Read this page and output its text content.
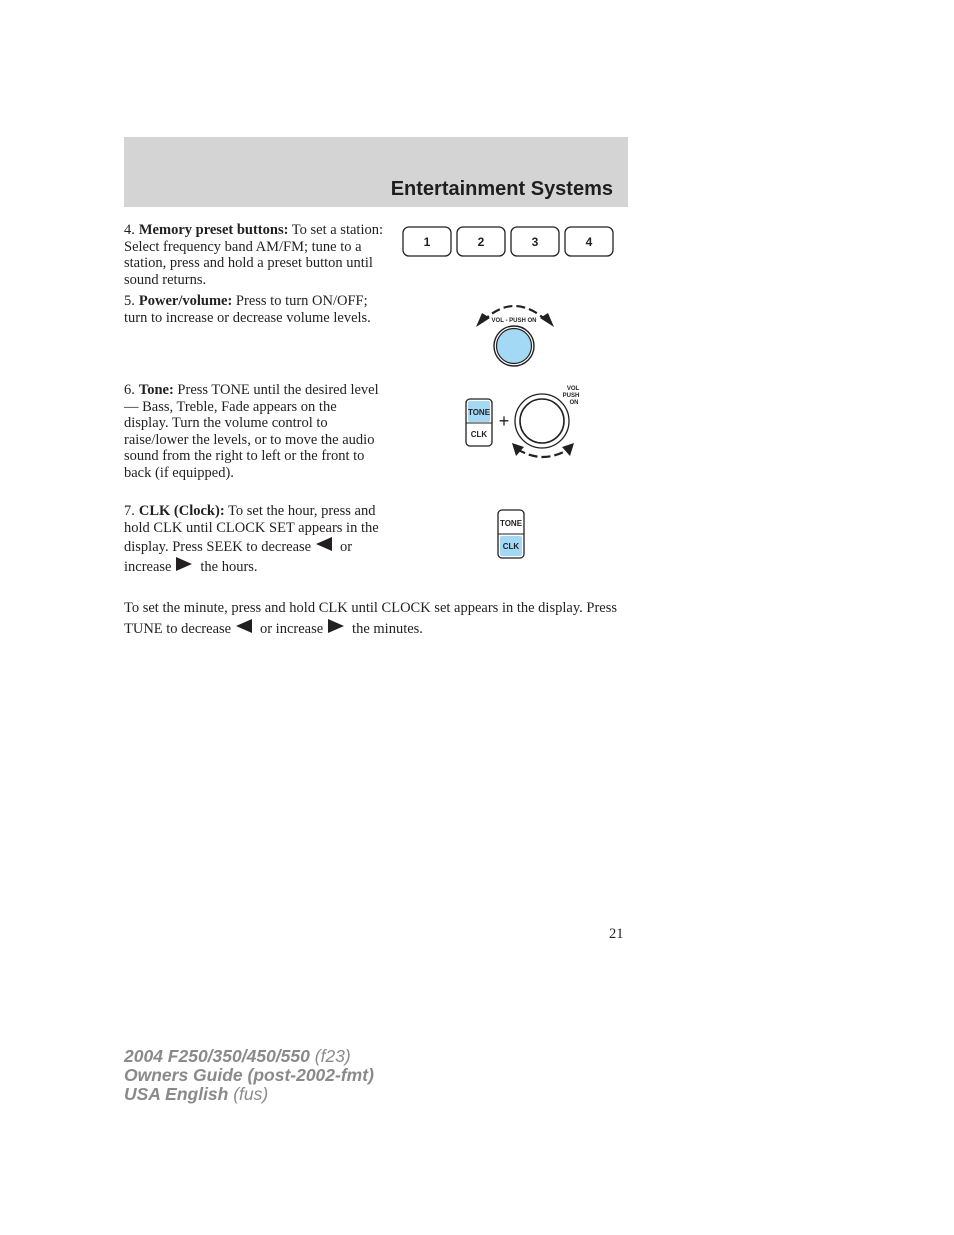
Entertainment Systems

4. Memory preset buttons: To set a station: Select frequency band AM/FM; tune to a station, press and hold a preset button until sound returns.

1	2	3	4

5. Power/volume: Press to turn ON/OFF; turn to increase or decrease volume levels.	VOL - PUSH ON

6. Tone: Press TONE until the desired level — Bass, Treble, Fade appears on the display. Turn the volume control to raise/lower the levels, or to move the audio sound from the right to left or the front to back (if equipped).

TONE
CLK
+
VOL
PUSH
ON

7. CLK (Clock): To set the hour, press and hold CLK until CLOCK SET appears in the display. Press SEEK to decrease or
increase the hours.

TONE
CLK

To set the minute, press and hold CLK until CLOCK set appears in the display. Press TUNE to decrease or increase the minutes.

21

2004 F250/350/450/550 (f23)
Owners Guide (post-2002-fmt)
USA English (fus)
